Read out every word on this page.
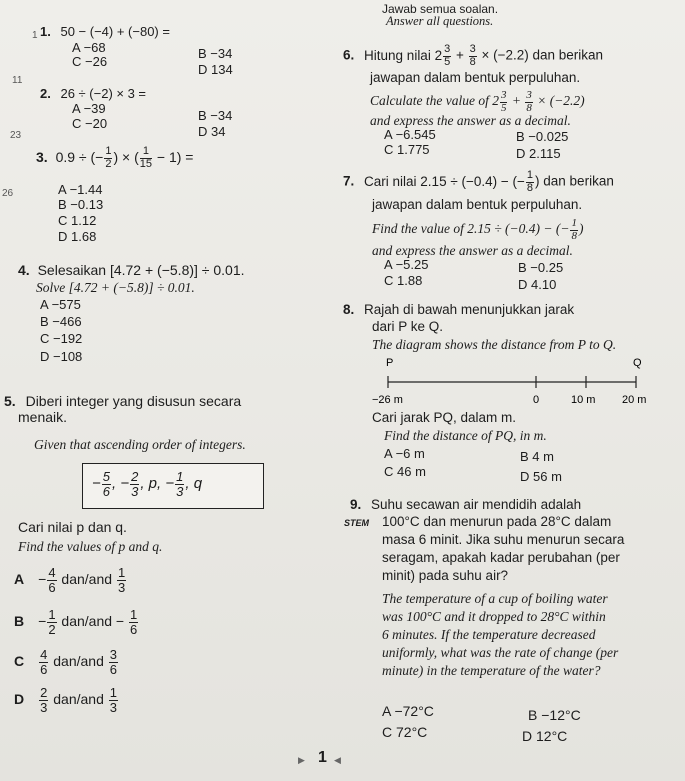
Jawab semua soalan.
Answer all questions.
1
11
23
26
1. 50 − (−4) + (−80) =
A −68	B −34
C −26
D 134
2. 26 ÷ (−2) × 3 =
A −39	B −34
C −20
D 34
3. 0.9 ÷ (− $\frac{1}{2}$ ) × ( $\frac{1}{15} - 1$) =
A −1.44
B −0.13
C 1.12
D 1.68
4. Selesaikan [4.72 + (−5.8)] ÷ 0.01.
Solve [4.72 + (−5.8)] ÷ 0.01.
A −575
B −466
C −192
D −108
5. Diberi integer yang disusun secara
menaik.
Given that ascending order of integers.
− $\frac{5}{6}$ , − $\frac{2}{3}$ , p, − $\frac{1}{3}$ , q
Cari nilai p dan q.
Find the values of p and q.
$A - \frac{4}{6} dan/and \frac{1}{3}$
$B - \frac{1}{2} dan/and - \frac{1}{6}$
C $\frac{4}{6} dan/and \frac{3}{6}$
D $\frac{2}{3} dan/and \frac{1}{3}$
6. Hitung nilai $2 \frac{3}{5} + \frac{3}{8} \times (-2.2)$ dan berikan
jawapan dalam bentuk perpuluhan.
Calculate the value of $2 \frac{3}{5} + \frac{3}{8} \times (-2.2)$
and express the answer as a decimal.
A −6.545	B −0.025
C 1.775	D 2.115
7. Cari nilai 2.15 ÷ (−0.4) − (− $\frac{1}{8}$ ) dan berikan
jawapan dalam bentuk perpuluhan.
Find the value of 2.15 ÷ (−0.4) − (− $\frac{1}{8}$ )
and express the answer as a decimal.
A −5.25	B −0.25
C 1.88	D 4.10
8. Rajah di bawah menunjukkan jarak
dari P ke Q.
The diagram shows the distance from P to Q.
P	Q
−26 m	0	10 m 20 m
Cari jarak PQ, dalam m.
Find the distance of PQ, in m.
A −6 m	B 4 m
C 46 m	D 56 m
9. Suhu secawan air mendidih adalah
STEM 100°C dan menurun pada 28°C dalam
masa 6 minit. Jika suhu menurun secara
seragam, apakah kadar perubahan (per
minit) pada suhu air?
The temperature of a cup of boiling water
was 100°C and it dropped to 28°C within
6 minutes. If the temperature decreased
uniformly, what was the rate of change (per
minute) in the temperature of the water?
A −72°C	B −12°C
C 72°C	D 12°C
▶ 1 ◀
